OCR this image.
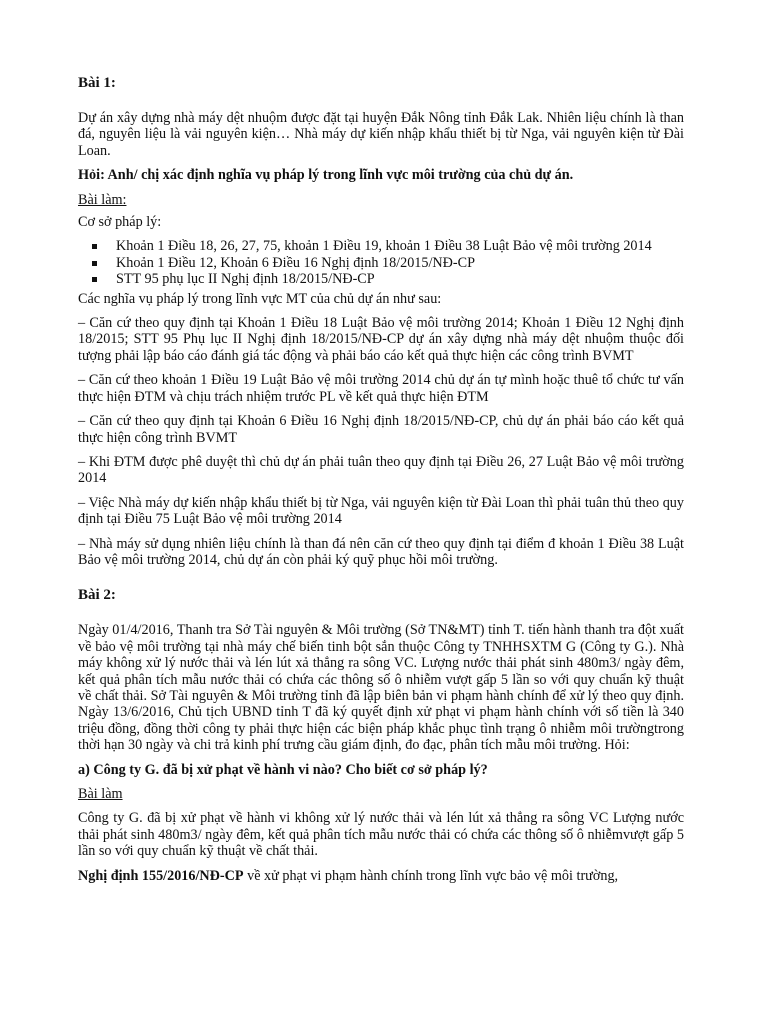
Bài 1:

Dự án xây dựng nhà máy dệt nhuộm được đặt tại huyện Đắk Nông tỉnh Đắk Lak. Nhiên liệu chính là than đá, nguyên liệu là vải nguyên kiện… Nhà máy dự kiến nhập khẩu thiết bị từ Nga, vải nguyên kiện từ Đài Loan.

Hỏi: Anh/ chị xác định nghĩa vụ pháp lý trong lĩnh vực môi trường của chủ dự án.

Bài làm:

Cơ sở pháp lý:

Khoản 1 Điều 18, 26, 27, 75, khoản 1 Điều 19, khoản 1 Điều 38 Luật Bảo vệ môi trường 2014
Khoản 1 Điều 12, Khoản 6 Điều 16 Nghị định 18/2015/NĐ-CP
STT 95 phụ lục II Nghị định 18/2015/NĐ-CP

Các nghĩa vụ pháp lý trong lĩnh vực MT của chủ dự án như sau:

– Căn cứ theo quy định tại Khoản 1 Điều 18 Luật Bảo vệ môi trường 2014; Khoản 1 Điều 12 Nghị định 18/2015; STT 95 Phụ lục II Nghị định 18/2015/NĐ-CP dự án xây dựng nhà máy dệt nhuộm thuộc đối tượng phải lập báo cáo đánh giá tác động và phải báo cáo kết quả thực hiện các công trình BVMT

– Căn cứ theo khoản 1 Điều 19 Luật Bảo vệ môi trường 2014 chủ dự án tự mình hoặc thuê tổ chức tư vấn thực hiện ĐTM và chịu trách nhiệm trước PL về kết quả thực hiện ĐTM

– Căn cứ theo quy định tại Khoản 6 Điều 16 Nghị định 18/2015/NĐ-CP, chủ dự án phải báo cáo kết quả thực hiện công trình BVMT

– Khi ĐTM được phê duyệt thì chủ dự án phải tuân theo quy định tại Điều 26, 27 Luật Bảo vệ môi trường 2014

– Việc Nhà máy dự kiến nhập khẩu thiết bị từ Nga, vải nguyên kiện từ Đài Loan thì phải tuân thủ theo quy định tại Điều 75 Luật Bảo vệ môi trường 2014

– Nhà máy sử dụng nhiên liệu chính là than đá nên căn cứ theo quy định tại điểm đ khoản 1 Điều 38 Luật Bảo vệ môi trường 2014, chủ dự án còn phải ký quỹ phục hồi môi trường.

Bài 2:

Ngày 01/4/2016, Thanh tra Sở Tài nguyên & Môi trường (Sở TN&MT) tỉnh T. tiến hành thanh tra đột xuất về bảo vệ môi trường tại nhà máy chế biến tinh bột sắn thuộc Công ty TNHHSXTM G (Công ty G.). Nhà máy không xử lý nước thải và lén lút xả thẳng ra sông VC. Lượng nước thải phát sinh 480m3/ ngày đêm, kết quả phân tích mẫu nước thải có chứa các thông số ô nhiễm vượt gấp 5 lần so với quy chuẩn kỹ thuật về chất thải. Sở Tài nguyên & Môi trường tỉnh đã lập biên bản vi phạm hành chính để xử lý theo quy định. Ngày 13/6/2016, Chủ tịch UBND tỉnh T đã ký quyết định xử phạt vi phạm hành chính với số tiền là 340 triệu đồng, đồng thời công ty phải thực hiện các biện pháp khắc phục tình trạng ô nhiễm môi trườngtrong thời hạn 30 ngày và chi trả kinh phí trưng cầu giám định, đo đạc, phân tích mẫu môi trường. Hỏi:

a) Công ty G. đã bị xử phạt về hành vi nào? Cho biết cơ sở pháp lý?

Bài làm

Công ty G. đã bị xử phạt về hành vi không xử lý nước thải và lén lút xả thẳng ra sông VC Lượng nước thải phát sinh 480m3/ ngày đêm, kết quả phân tích mẫu nước thải có chứa các thông số ô nhiễmvượt gấp 5 lần so với quy chuẩn kỹ thuật về chất thải.

Nghị định 155/2016/NĐ-CP về xử phạt vi phạm hành chính trong lĩnh vực bảo vệ môi trường,
